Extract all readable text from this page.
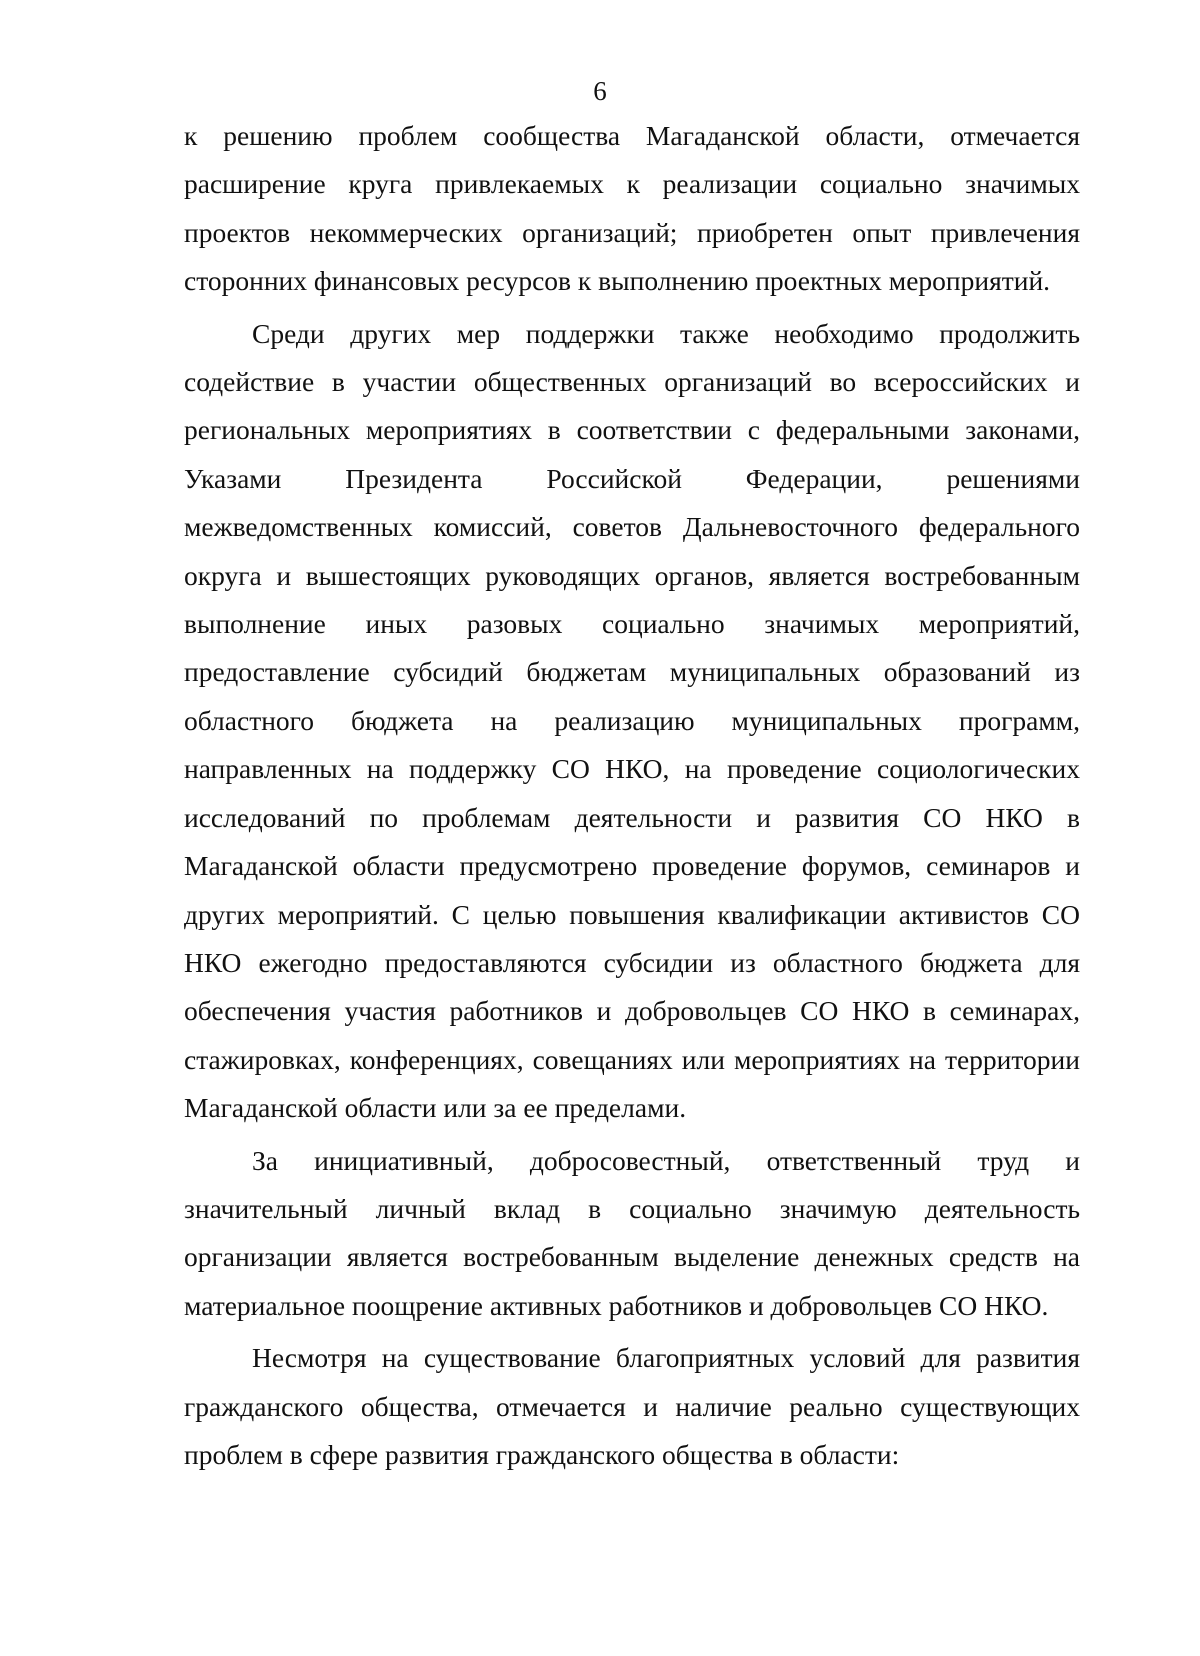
6

к решению проблем сообщества Магаданской области, отмечается расширение круга привлекаемых к реализации социально значимых проектов некоммерческих организаций; приобретен опыт привлечения сторонних финансовых ресурсов к выполнению проектных мероприятий.

Среди других мер поддержки также необходимо продолжить содействие в участии общественных организаций во всероссийских и региональных мероприятиях в соответствии с федеральными законами, Указами Президента Российской Федерации, решениями межведомственных комиссий, советов Дальневосточного федерального округа и вышестоящих руководящих органов, является востребованным выполнение иных разовых социально значимых мероприятий, предоставление субсидий бюджетам муниципальных образований из областного бюджета на реализацию муниципальных программ, направленных на поддержку СО НКО, на проведение социологических исследований по проблемам деятельности и развития СО НКО в Магаданской области предусмотрено проведение форумов, семинаров и других мероприятий. С целью повышения квалификации активистов СО НКО ежегодно предоставляются субсидии из областного бюджета для обеспечения участия работников и добровольцев СО НКО в семинарах, стажировках, конференциях, совещаниях или мероприятиях на территории Магаданской области или за ее пределами.

За инициативный, добросовестный, ответственный труд и значительный личный вклад в социально значимую деятельность организации является востребованным выделение денежных средств на материальное поощрение активных работников и добровольцев СО НКО.

Несмотря на существование благоприятных условий для развития гражданского общества, отмечается и наличие реально существующих проблем в сфере развития гражданского общества в области:
